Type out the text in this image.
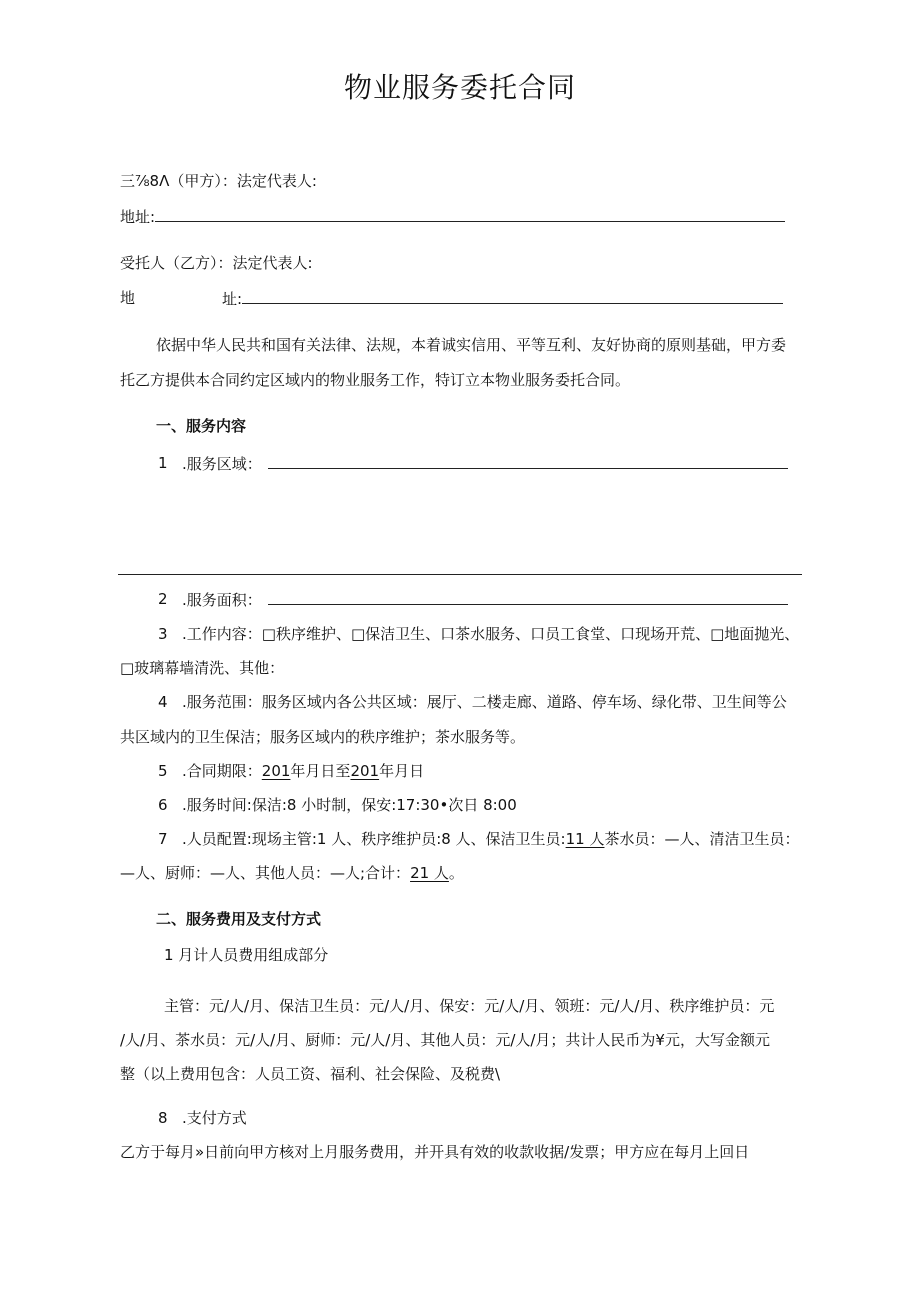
物业服务委托合同
三⅞8Λ（甲方）：法定代表人:
地址:
受托人（乙方）：法定代表人:
地	址:
依据中华人民共和国有关法律、法规，本着诚实信用、平等互利、友好协商的原则基础，甲方委
托乙方提供本合同约定区域内的物业服务工作，特订立本物业服务委托合同。
一、服务内容
1 .服务区域：
2 .服务面积：
3 .工作内容：□秩序维护、□保洁卫生、口茶水服务、口员工食堂、口现场开荒、□地面抛光、
□玻璃幕墙清洗、其他：
4 .服务范围：服务区域内各公共区域：展厅、二楼走廊、道路、停车场、绿化带、卫生间等公
共区域内的卫生保洁；服务区域内的秩序维护；茶水服务等。
5 .合同期限：201年月日至201年月日
6 .服务时间:保洁:8 小时制，保安:17:30•次日 8:00
7 .人员配置:现场主管:1 人、秩序维护员:8 人、保洁卫生员:11 人茶水员：—人、清洁卫生员：
—人、厨师：—人、其他人员：—人;合计：21 人。
二、服务费用及支付方式
1 月计人员费用组成部分
主管：元/人/月、保洁卫生员：元/人/月、保安：元/人/月、领班：元/人/月、秩序维护员：元
/人/月、茶水员：元/人/月、厨师：元/人/月、其他人员：元/人/月；共计人民币为¥元，大写金额元
整（以上费用包含：人员工资、福利、社会保险、及税费\
8 .支付方式
乙方于每月»日前向甲方核对上月服务费用，并开具有效的收款收据/发票；甲方应在每月上回日
